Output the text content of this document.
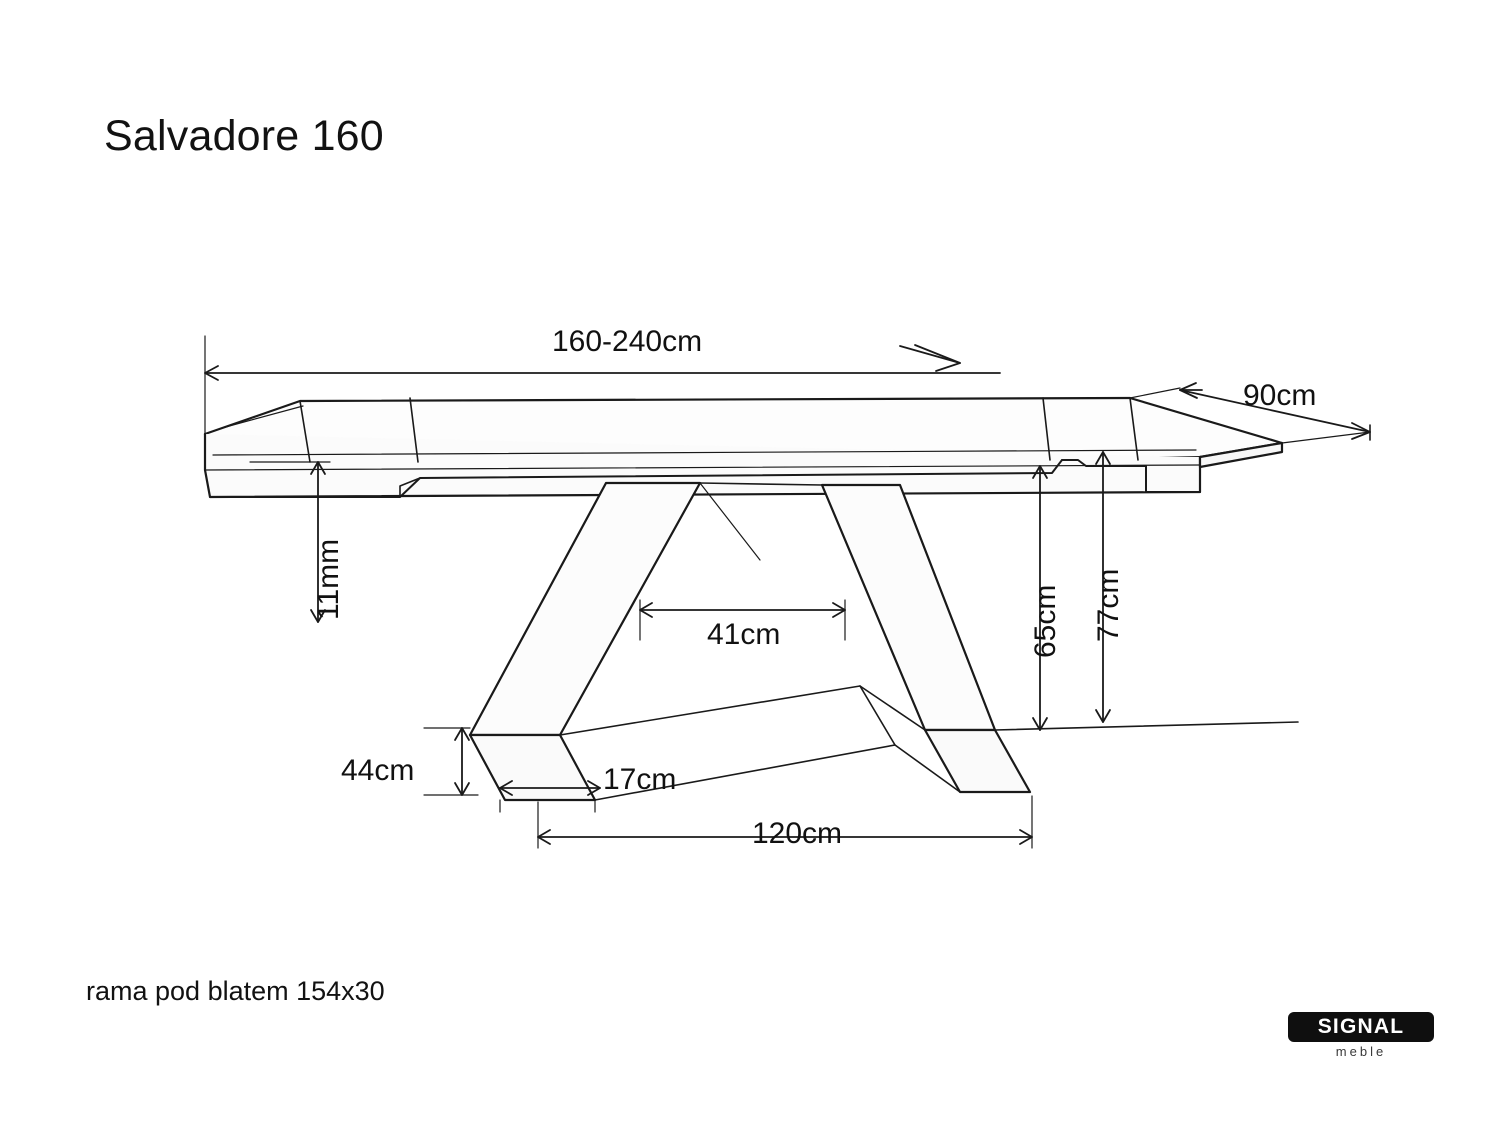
Salvadore 160
160-240cm
90cm
11mm
41cm	65cm 77cm
44cm	17cm
120cm
rama pod blatem 154x30
SIGNAL
meble
